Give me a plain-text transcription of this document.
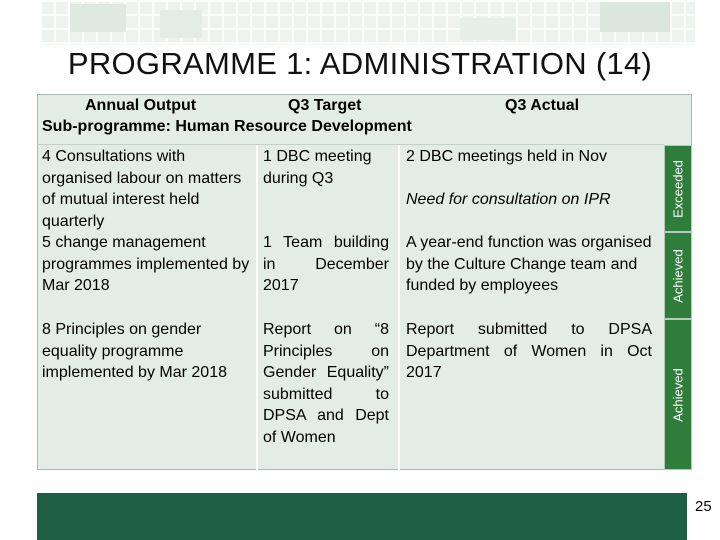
PROGRAMME 1: ADMINISTRATION (14)
Annual Output	Q3 Target	Q3 Actual
Sub-programme: Human Resource Development

4 Consultations with organised labour on matters of mutual interest held quarterly

1 DBC meeting during Q3

2 DBC meetings held in Nov

Need for consultation on IPR

5 change management programmes implemented by Mar 2018

1 Team building in December 2017

A year-end function was organised by the Culture Change team and funded by employees

8 Principles on gender equality programme implemented by Mar 2018

Report on “8 Principles on Gender Equality” submitted to DPSA and Dept of Women

Report submitted to DPSA Department of Women in Oct 2017

Exceeded
Achieved
Achieved
25
